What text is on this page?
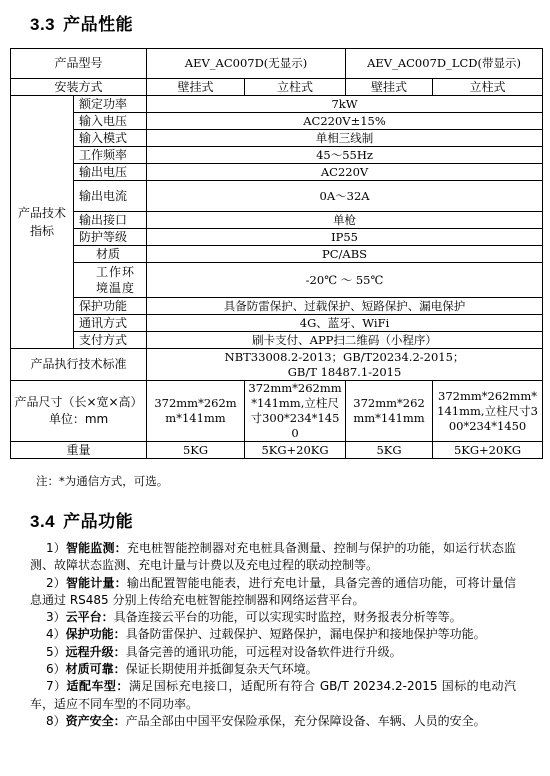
3.3 产品性能
产品型号		AEV_AC007D(无显示)		AEV_AC007D_LCD(带显示)	
安装方式		壁挂式	立柱式	壁挂式	立柱式
产品技术指标	额定功率	7kW			
	输入电压	AC220V±15%			
	输入模式	单相三线制			
	工作频率	45～55Hz			
	输出电压	AC220V			
	输出电流	0A～32A			
	输出接口	单枪			
	防护等级	IP55			
	材质	PC/ABS			
	工作环境温度	-20℃ ～ 55℃			
	保护功能	具备防雷保护、过载保护、短路保护、漏电保护			
	通讯方式	4G、蓝牙、WiFi			
	支付方式	刷卡支付、APP扫二维码（小程序）			
产品执行技术标准		NBT33008.2-2013；GB/T20234.2-2015；
GB/T 18487.1-2015			

产品尺寸（长×宽×高）单位：mm		372mm*262mm*141mm	372mm*262mm*141mm,立柱尺寸300*234*1450	372mm*262mm*141mm	372mm*262mm*141mm,立柱尺寸300*234*1450
重量		5KG	5KG+20KG	5KG	5KG+20KG
注：*为通信方式，可选。
3.4 产品功能

1）智能监测：充电桩智能控制器对充电桩具备测量、控制与保护的功能，如运行状态监测、故障状态监测、充电计量与计费以及充电过程的联动控制等。

2）智能计量：输出配置智能电能表，进行充电计量，具备完善的通信功能，可将计量信息通过 RS485 分别上传给充电桩智能控制器和网络运营平台。

3）云平台：具备连接云平台的功能，可以实现实时监控，财务报表分析等等。

4）保护功能：具备防雷保护、过载保护、短路保护，漏电保护和接地保护等功能。

5）远程升级：具备完善的通讯功能，可远程对设备软件进行升级。

6）材质可靠：保证长期使用并抵御复杂天气环境。

7）适配车型：满足国标充电接口，适配所有符合 GB/T 20234.2-2015 国标的电动汽车，适应不同车型的不同功率。

8）资产安全：产品全部由中国平安保险承保，充分保障设备、车辆、人员的安全。
